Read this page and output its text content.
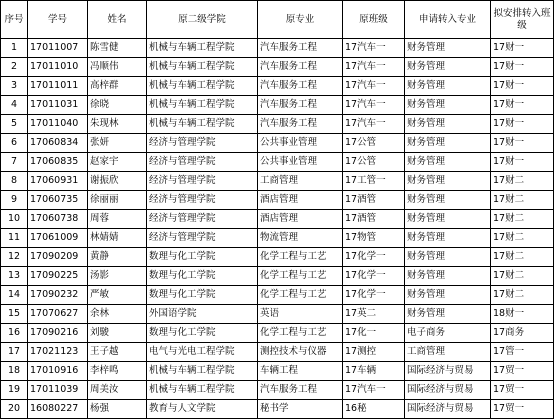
序号	学号	姓名	原二级学院	原专业	原班级	申请转入专业	拟安排转入班级
1	17011007	陈雪健	机械与车辆工程学院	汽车服务工程	17汽车一	财务管理	17财一
2	17011010	冯顺伟	机械与车辆工程学院	汽车服务工程	17汽车一	财务管理	17财一
3	17011011	高梓群	机械与车辆工程学院	汽车服务工程	17汽车一	财务管理	17财一
4	17011031	徐晓	机械与车辆工程学院	汽车服务工程	17汽车一	财务管理	17财一
5	17011040	朱现林	机械与车辆工程学院	汽车服务工程	17汽车一	财务管理	17财一
6	17060834	张妍	经济与管理学院	公共事业管理	17公管	财务管理	17财一
7	17060835	赵家宇	经济与管理学院	公共事业管理	17公管	财务管理	17财一
8	17060931	谢振欣	经济与管理学院	工商管理	17工管一	财务管理	17财二
9	17060735	徐丽丽	经济与管理学院	酒店管理	17酒管	财务管理	17财二
10	17060738	周蓉	经济与管理学院	酒店管理	17酒管	财务管理	17财二
11	17061009	林婧婧	经济与管理学院	物流管理	17物管	财务管理	17财二
12	17090209	黄静	数理与化工学院	化学工程与工艺	17化学一	财务管理	17财二
13	17090225	汤影	数理与化工学院	化学工程与工艺	17化学一	财务管理	17财二
14	17090232	严敏	数理与化工学院	化学工程与工艺	17化学一	财务管理	17财二
15	17070627	余林	外国语学院	英语	17英二	财务管理	18财一
16	17090216	刘駿	数理与化工学院	化学工程与工艺	17化一	电子商务	17商务
17	17021123	王子越	电气与光电工程学院	测控技术与仪器	17测控	工商管理	17管一
18	17010916	李梓鸣	机械与车辆工程学院	车辆工程	17车辆	国际经济与贸易	17贸一
19	17011039	周美汝	机械与车辆工程学院	汽车服务工程	17汽车一	国际经济与贸易	17贸一
20	16080227	杨强	教育与人文学院	秘书学	16秘	国际经济与贸易	17贸一
